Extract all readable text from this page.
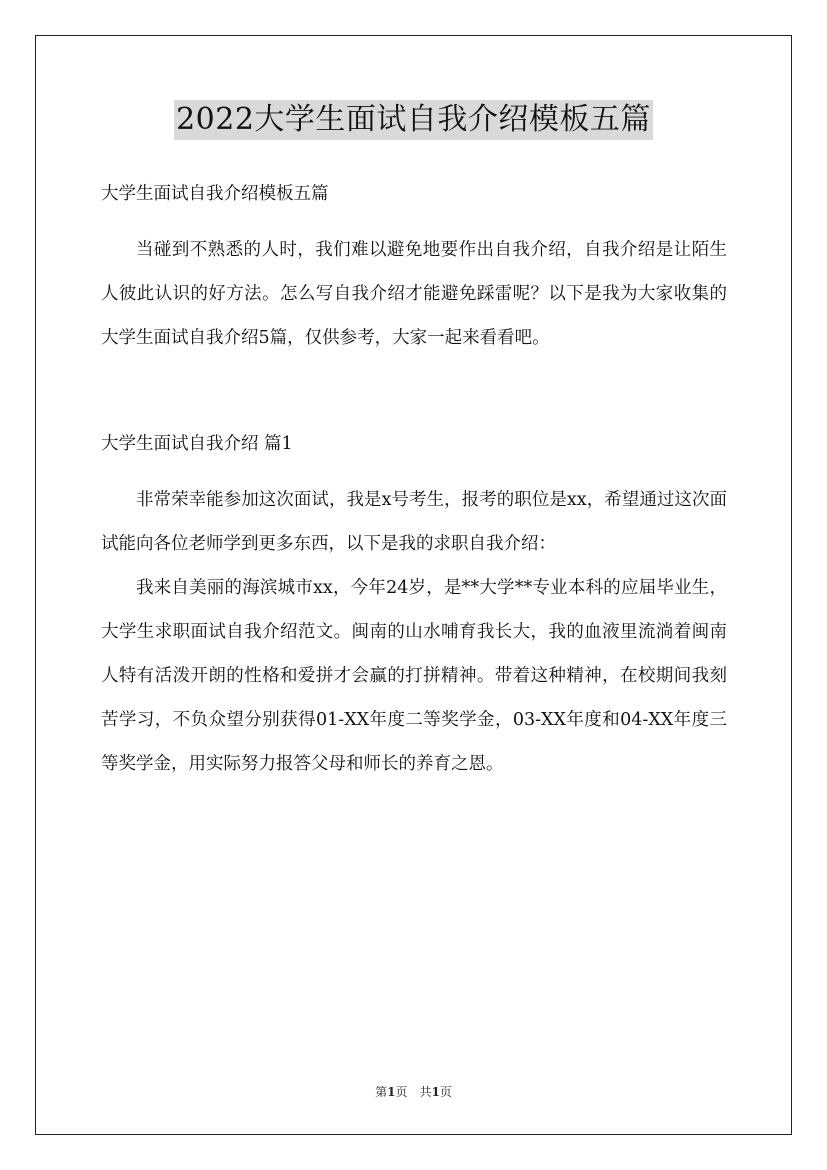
2022大学生面试自我介绍模板五篇

大学生面试自我介绍模板五篇

当碰到不熟悉的人时，我们难以避免地要作出自我介绍，自我介绍是让陌生人彼此认识的好方法。怎么写自我介绍才能避免踩雷呢？以下是我为大家收集的大学生面试自我介绍5篇，仅供参考，大家一起来看看吧。

大学生面试自我介绍 篇1

非常荣幸能参加这次面试，我是x号考生，报考的职位是xx，希望通过这次面试能向各位老师学到更多东西，以下是我的求职自我介绍：

我来自美丽的海滨城市xx，今年24岁，是**大学**专业本科的应届毕业生，大学生求职面试自我介绍范文。闽南的山水哺育我长大，我的血液里流淌着闽南人特有活泼开朗的性格和爱拼才会赢的打拼精神。带着这种精神，在校期间我刻苦学习，不负众望分别获得01-XX年度二等奖学金，03-XX年度和04-XX年度三等奖学金，用实际努力报答父母和师长的养育之恩。

第1页 共1页
